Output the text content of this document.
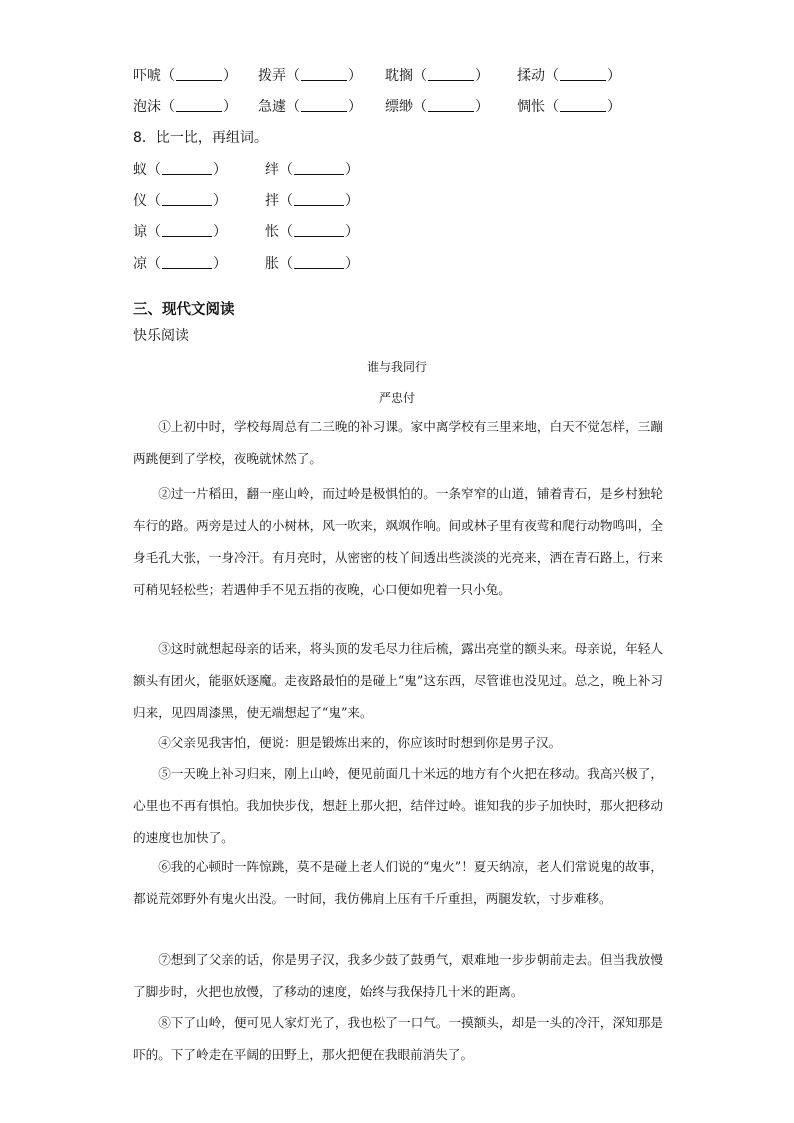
吓唬（	） 拨弄（	） 耽搁（	） 揉动（	）
泡沫（	） 急遽（	） 缥缈（	） 惆怅（	）
8．比一比，再组词。
蚁（	）	绊（	）
仪（	）	拌（	）
谅（	）	怅（	）
凉（	）	胀（	）
三、现代文阅读
快乐阅读
谁与我同行
严忠付

①上初中时，学校每周总有二三晚的补习课。家中离学校有三里来地，白天不觉怎样，三蹦两跳便到了学校，夜晚就怵然了。

②过一片稻田，翻一座山岭，而过岭是极惧怕的。一条窄窄的山道，铺着青石，是乡村独轮车行的路。两旁是过人的小树林，风一吹来，飒飒作响。间或林子里有夜莺和爬行动物鸣叫，全身毛孔大张，一身冷汗。有月亮时，从密密的枝丫间透出些淡淡的光亮来，洒在青石路上，行来可稍见轻松些；若遇伸手不见五指的夜晚，心口便如兜着一只小兔。

③这时就想起母亲的话来，将头顶的发毛尽力往后梳，露出亮堂的额头来。母亲说，年轻人额头有团火，能驱妖逐魔。走夜路最怕的是碰上“鬼”这东西，尽管谁也没见过。总之，晚上补习归来，见四周漆黑，使无端想起了“鬼”来。

④父亲见我害怕，便说：胆是锻炼出来的，你应该时时想到你是男子汉。

⑤一天晚上补习归来，刚上山岭，便见前面几十米远的地方有个火把在移动。我高兴极了，心里也不再有惧怕。我加快步伐，想赶上那火把，结伴过岭。谁知我的步子加快时，那火把移动的速度也加快了。

⑥我的心顿时一阵惊跳，莫不是碰上老人们说的“鬼火”！夏天纳凉，老人们常说鬼的故事，都说荒郊野外有鬼火出没。一时间，我仿佛肩上压有千斤重担，两腿发软，寸步难移。

⑦想到了父亲的话，你是男子汉，我多少鼓了鼓勇气，艰难地一步步朝前走去。但当我放慢了脚步时，火把也放慢，了移动的速度，始终与我保持几十米的距离。

⑧下了山岭，便可见人家灯光了，我也松了一口气。一摸额头，却是一头的冷汗，深知那是吓的。下了岭走在平阔的田野上，那火把便在我眼前消失了。
